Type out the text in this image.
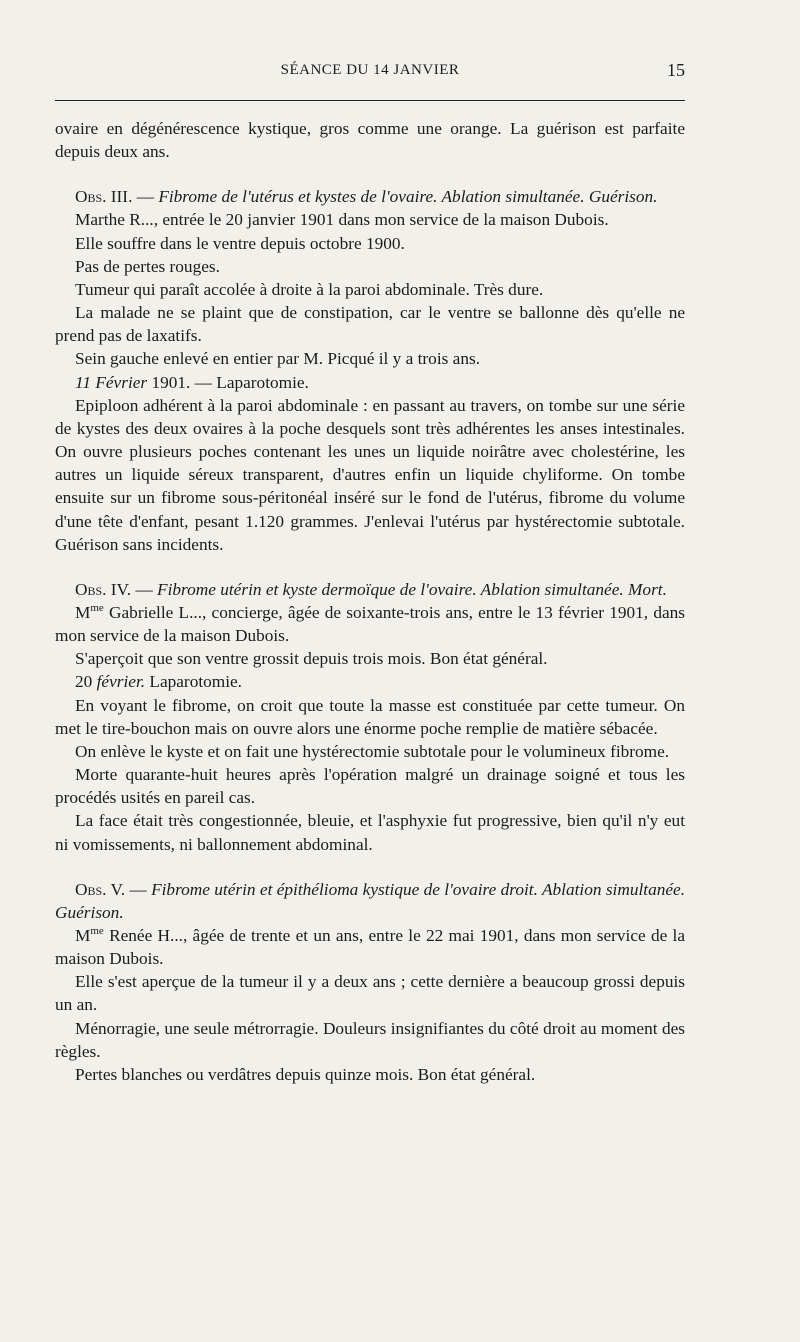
SÉANCE DU 14 JANVIER	15

ovaire en dégénérescence kystique, gros comme une orange. La guérison est parfaite depuis deux ans.

Obs. III. — Fibrome de l'utérus et kystes de l'ovaire. Ablation simultanée. Guérison.

Marthe R..., entrée le 20 janvier 1901 dans mon service de la maison Dubois.

Elle souffre dans le ventre depuis octobre 1900.

Pas de pertes rouges.

Tumeur qui paraît accolée à droite à la paroi abdominale. Très dure.

La malade ne se plaint que de constipation, car le ventre se ballonne dès qu'elle ne prend pas de laxatifs.

Sein gauche enlevé en entier par M. Picqué il y a trois ans.

11 Février 1901. — Laparotomie.

Epiploon adhérent à la paroi abdominale : en passant au travers, on tombe sur une série de kystes des deux ovaires à la poche desquels sont très adhérentes les anses intestinales. On ouvre plusieurs poches contenant les unes un liquide noirâtre avec cholestérine, les autres un liquide séreux transparent, d'autres enfin un liquide chyliforme. On tombe ensuite sur un fibrome sous-péritonéal inséré sur le fond de l'utérus, fibrome du volume d'une tête d'enfant, pesant 1.120 grammes. J'enlevai l'utérus par hystérectomie subtotale. Guérison sans incidents.

Obs. IV. — Fibrome utérin et kyste dermoïque de l'ovaire. Ablation simultanée. Mort.

$M^{me}$ Gabrielle L..., concierge, âgée de soixante-trois ans, entre le 13 février 1901, dans mon service de la maison Dubois.

S'aperçoit que son ventre grossit depuis trois mois. Bon état général.

20 février. Laparotomie.

En voyant le fibrome, on croit que toute la masse est constituée par cette tumeur. On met le tire-bouchon mais on ouvre alors une énorme poche remplie de matière sébacée.

On enlève le kyste et on fait une hystérectomie subtotale pour le volumineux fibrome.

Morte quarante-huit heures après l'opération malgré un drainage soigné et tous les procédés usités en pareil cas.

La face était très congestionnée, bleuie, et l'asphyxie fut progressive, bien qu'il n'y eut ni vomissements, ni ballonnement abdominal.

Obs. V. — Fibrome utérin et épithélioma kystique de l'ovaire droit. Ablation simultanée. Guérison.

$M^{me}$ Renée H..., âgée de trente et un ans, entre le 22 mai 1901, dans mon service de la maison Dubois.

Elle s'est aperçue de la tumeur il y a deux ans ; cette dernière a beaucoup grossi depuis un an.

Ménorragie, une seule métrorragie. Douleurs insignifiantes du côté droit au moment des règles.

Pertes blanches ou verdâtres depuis quinze mois. Bon état général.
